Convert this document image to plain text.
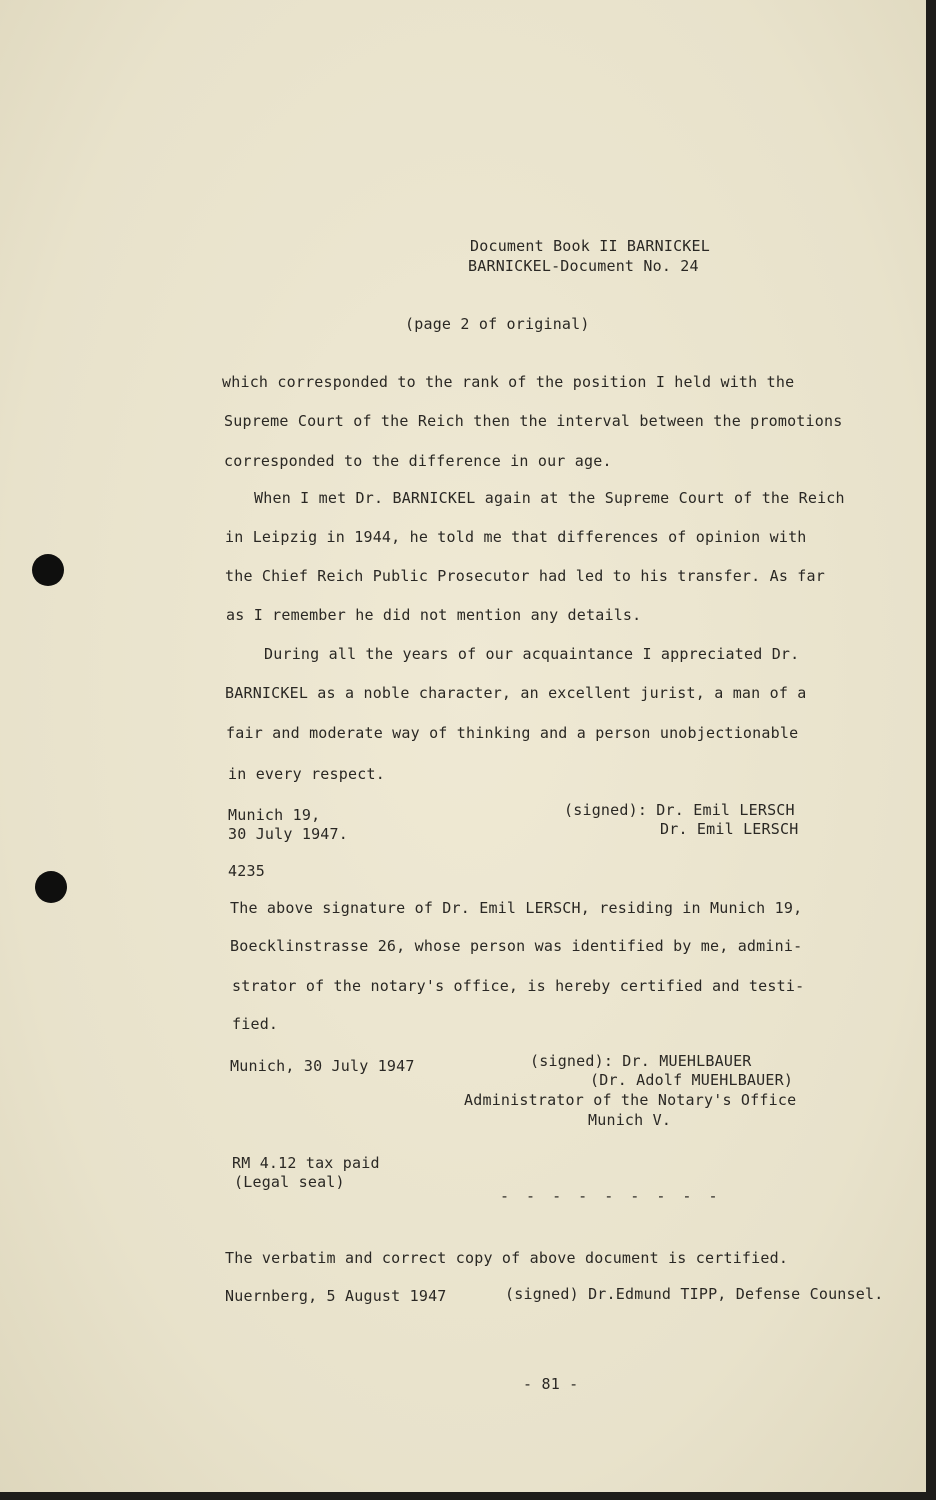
Document Book II BARNICKEL
BARNICKEL-Document No. 24
(page 2 of original)
which corresponded to the rank of the position I held with the
Supreme Court of the Reich then the interval between the promotions
corresponded to the difference in our age.
When I met Dr. BARNICKEL again at the Supreme Court of the Reich
in Leipzig in 1944, he told me that differences of opinion with
the Chief Reich Public Prosecutor had led to his transfer. As far
as I remember he did not mention any details.
During all the years of our acquaintance I appreciated Dr.
BARNICKEL as a noble character, an excellent jurist, a man of a
fair and moderate way of thinking and a person unobjectionable
in every respect.
Munich 19,
30 July 1947.
(signed): Dr. Emil LERSCH
Dr. Emil LERSCH
4235
The above signature of Dr. Emil LERSCH, residing in Munich 19,
Boecklinstrasse 26, whose person was identified by me, admini-
strator of the notary's office, is hereby certified and testi-
fied.
Munich, 30 July 1947	(signed): Dr. MUEHLBAUER
(Dr. Adolf MUEHLBAUER)
Administrator of the Notary's Office
Munich V.
RM 4.12 tax paid
(Legal seal)
- - - - - - - - -
The verbatim and correct copy of above document is certified.
Nuernberg, 5 August 1947	(signed) Dr.Edmund TIPP, Defense Counsel.
- 81 -
